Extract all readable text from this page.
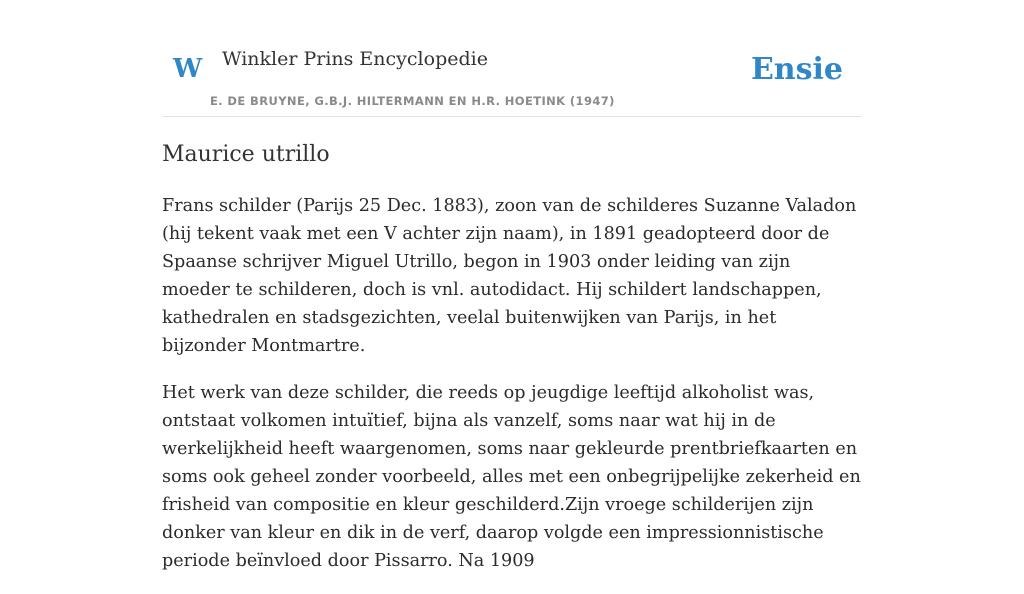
W Winkler Prins Encyclopedie
E. DE BRUYNE, G.B.J. HILTERMANN EN H.R. HOETINK (1947)
Ensie
Maurice utrillo

Frans schilder (Parijs 25 Dec. 1883), zoon van de schilderes Suzanne Valadon (hij tekent vaak met een V achter zijn naam), in 1891 geadopteerd door de Spaanse schrijver Miguel Utrillo, begon in 1903 onder leiding van zijn moeder te schilderen, doch is vnl. autodidact. Hij schildert landschappen, kathedralen en stadsgezichten, veelal buitenwijken van Parijs, in het bijzonder Montmartre.

Het werk van deze schilder, die reeds op jeugdige leeftijd alkoholist was, ontstaat volkomen intuïtief, bijna als vanzelf, soms naar wat hij in de werkelijkheid heeft waargenomen, soms naar gekleurde prentbriefkaarten en soms ook geheel zonder voorbeeld, alles met een onbegrijpelijke zekerheid en frisheid van compositie en kleur geschilderd.Zijn vroege schilderijen zijn donker van kleur en dik in de verf, daarop volgde een impressionnistische periode beïnvloed door Pissarro. Na 1909
